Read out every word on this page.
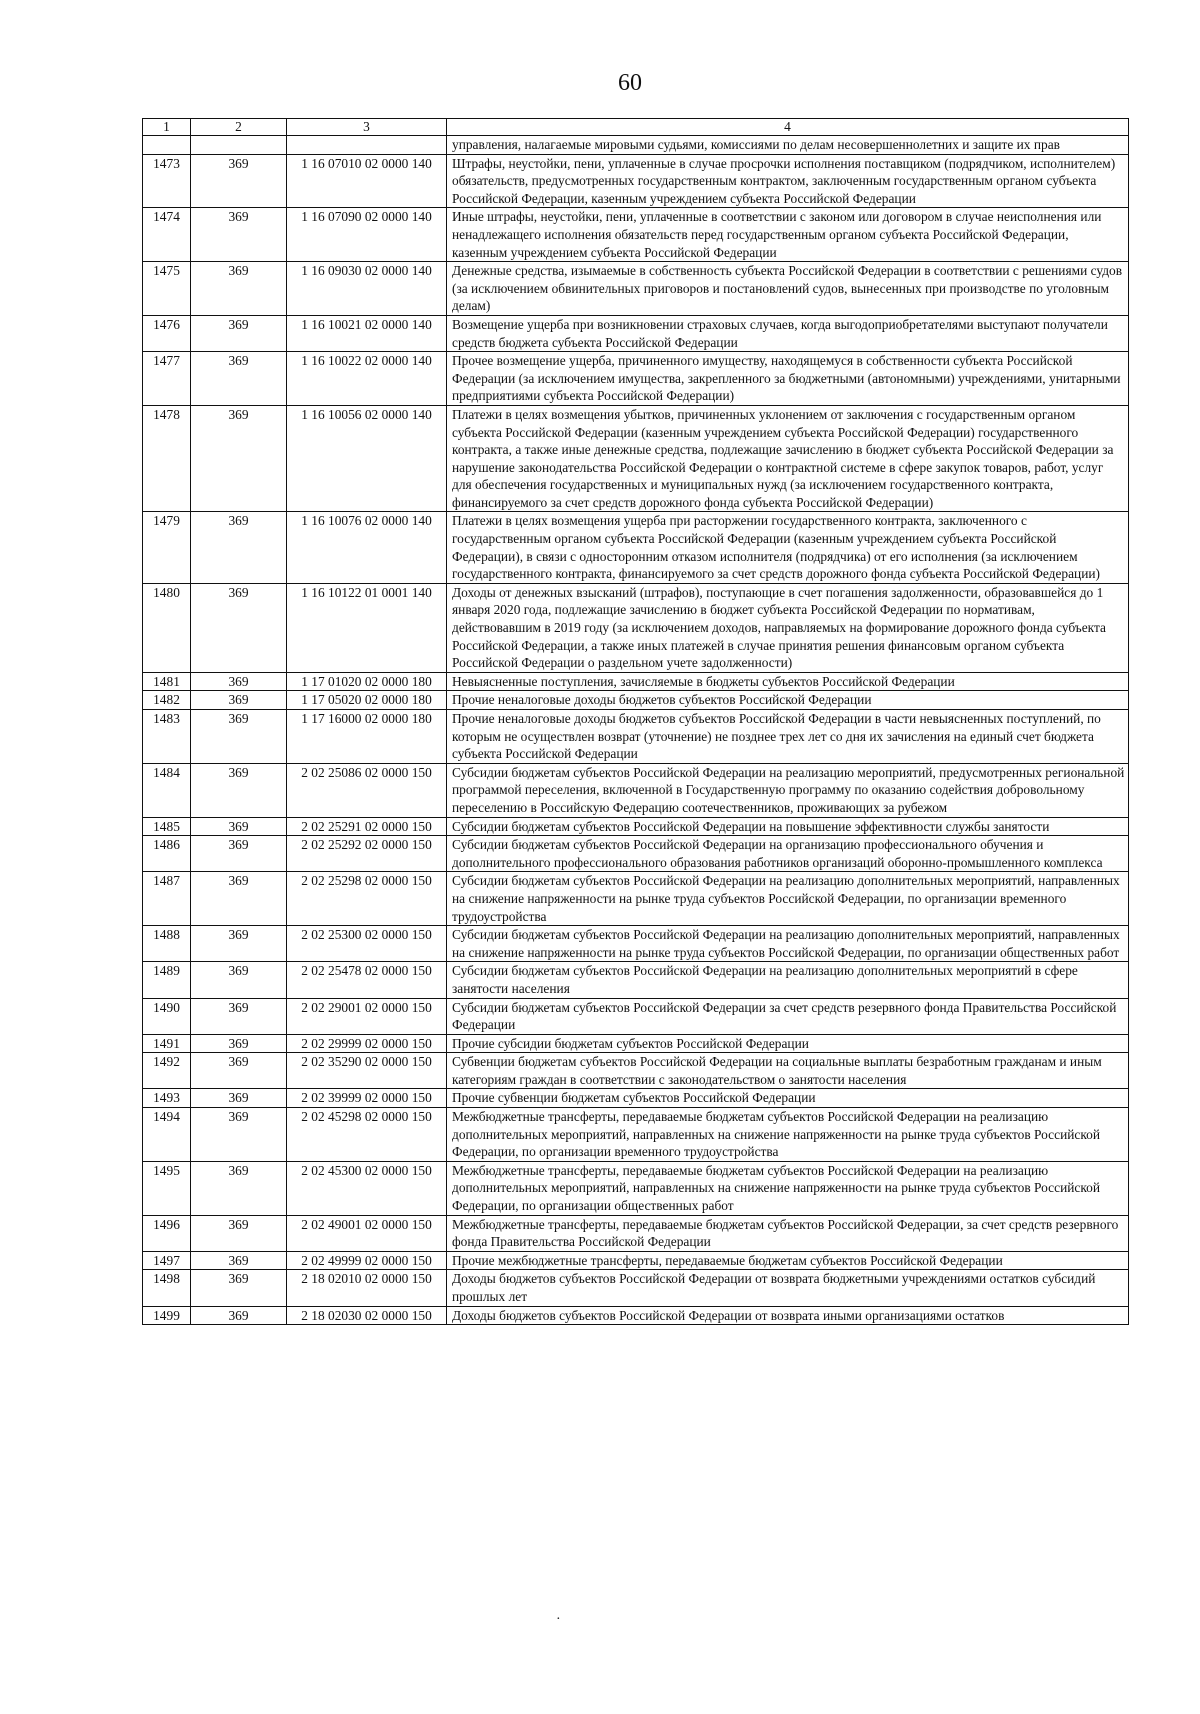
60
1	2	3	4
			управления, налагаемые мировыми судьями, комиссиями по делам несовершеннолетних и защите их прав
1473	369	1 16 07010 02 0000 140	Штрафы, неустойки, пени, уплаченные в случае просрочки исполнения поставщиком (подрядчиком, исполнителем) обязательств, предусмотренных государственным контрактом, заключенным государственным органом субъекта Российской Федерации, казенным учреждением субъекта Российской Федерации
1474	369	1 16 07090 02 0000 140	Иные штрафы, неустойки, пени, уплаченные в соответствии с законом или договором в случае неисполнения или ненадлежащего исполнения обязательств перед государственным органом субъекта Российской Федерации, казенным учреждением субъекта Российской Федерации
1475	369	1 16 09030 02 0000 140	Денежные средства, изымаемые в собственность субъекта Российской Федерации в соответствии с решениями судов (за исключением обвинительных приговоров и постановлений судов, вынесенных при производстве по уголовным делам)
1476	369	1 16 10021 02 0000 140	Возмещение ущерба при возникновении страховых случаев, когда выгодоприобретателями выступают получатели средств бюджета субъекта Российской Федерации
1477	369	1 16 10022 02 0000 140	Прочее возмещение ущерба, причиненного имуществу, находящемуся в собственности субъекта Российской Федерации (за исключением имущества, закрепленного за бюджетными (автономными) учреждениями, унитарными предприятиями субъекта Российской Федерации)
1478	369	1 16 10056 02 0000 140	Платежи в целях возмещения убытков, причиненных уклонением от заключения с государственным органом субъекта Российской Федерации (казенным учреждением субъекта Российской Федерации) государственного контракта, а также иные денежные средства, подлежащие зачислению в бюджет субъекта Российской Федерации за нарушение законодательства Российской Федерации о контрактной системе в сфере закупок товаров, работ, услуг для обеспечения государственных и муниципальных нужд (за исключением государственного контракта, финансируемого за счет средств дорожного фонда субъекта Российской Федерации)
1479	369	1 16 10076 02 0000 140	Платежи в целях возмещения ущерба при расторжении государственного контракта, заключенного с государственным органом субъекта Российской Федерации (казенным учреждением субъекта Российской Федерации), в связи с односторонним отказом исполнителя (подрядчика) от его исполнения (за исключением государственного контракта, финансируемого за счет средств дорожного фонда субъекта Российской Федерации)
1480	369	1 16 10122 01 0001 140	Доходы от денежных взысканий (штрафов), поступающие в счет погашения задолженности, образовавшейся до 1 января 2020 года, подлежащие зачислению в бюджет субъекта Российской Федерации по нормативам, действовавшим в 2019 году (за исключением доходов, направляемых на формирование дорожного фонда субъекта Российской Федерации, а также иных платежей в случае принятия решения финансовым органом субъекта Российской Федерации о раздельном учете задолженности)
1481	369	1 17 01020 02 0000 180	Невыясненные поступления, зачисляемые в бюджеты субъектов Российской Федерации
1482	369	1 17 05020 02 0000 180	Прочие неналоговые доходы бюджетов субъектов Российской Федерации
1483	369	1 17 16000 02 0000 180	Прочие неналоговые доходы бюджетов субъектов Российской Федерации в части невыясненных поступлений, по которым не осуществлен возврат (уточнение) не позднее трех лет со дня их зачисления на единый счет бюджета субъекта Российской Федерации
1484	369	2 02 25086 02 0000 150	Субсидии бюджетам субъектов Российской Федерации на реализацию мероприятий, предусмотренных региональной программой переселения, включенной в Государственную программу по оказанию содействия добровольному переселению в Российскую Федерацию соотечественников, проживающих за рубежом
1485	369	2 02 25291 02 0000 150	Субсидии бюджетам субъектов Российской Федерации на повышение эффективности службы занятости
1486	369	2 02 25292 02 0000 150	Субсидии бюджетам субъектов Российской Федерации на организацию профессионального обучения и дополнительного профессионального образования работников организаций оборонно-промышленного комплекса
1487	369	2 02 25298 02 0000 150	Субсидии бюджетам субъектов Российской Федерации на реализацию дополнительных мероприятий, направленных на снижение напряженности на рынке труда субъектов Российской Федерации, по организации временного трудоустройства
1488	369	2 02 25300 02 0000 150	Субсидии бюджетам субъектов Российской Федерации на реализацию дополнительных мероприятий, направленных на снижение напряженности на рынке труда субъектов Российской Федерации, по организации общественных работ
1489	369	2 02 25478 02 0000 150	Субсидии бюджетам субъектов Российской Федерации на реализацию дополнительных мероприятий в сфере занятости населения
1490	369	2 02 29001 02 0000 150	Субсидии бюджетам субъектов Российской Федерации за счет средств резервного фонда Правительства Российской Федерации
1491	369	2 02 29999 02 0000 150	Прочие субсидии бюджетам субъектов Российской Федерации
1492	369	2 02 35290 02 0000 150	Субвенции бюджетам субъектов Российской Федерации на социальные выплаты безработным гражданам и иным категориям граждан в соответствии с законодательством о занятости населения
1493	369	2 02 39999 02 0000 150	Прочие субвенции бюджетам субъектов Российской Федерации
1494	369	2 02 45298 02 0000 150	Межбюджетные трансферты, передаваемые бюджетам субъектов Российской Федерации на реализацию дополнительных мероприятий, направленных на снижение напряженности на рынке труда субъектов Российской Федерации, по организации временного трудоустройства
1495	369	2 02 45300 02 0000 150	Межбюджетные трансферты, передаваемые бюджетам субъектов Российской Федерации на реализацию дополнительных мероприятий, направленных на снижение напряженности на рынке труда субъектов Российской Федерации, по организации общественных работ
1496	369	2 02 49001 02 0000 150	Межбюджетные трансферты, передаваемые бюджетам субъектов Российской Федерации, за счет средств резервного фонда Правительства Российской Федерации
1497	369	2 02 49999 02 0000 150	Прочие межбюджетные трансферты, передаваемые бюджетам субъектов Российской Федерации
1498	369	2 18 02010 02 0000 150	Доходы бюджетов субъектов Российской Федерации от возврата бюджетными учреждениями остатков субсидий прошлых лет
1499	369	2 18 02030 02 0000 150	Доходы бюджетов субъектов Российской Федерации от возврата иными организациями остатков
·
